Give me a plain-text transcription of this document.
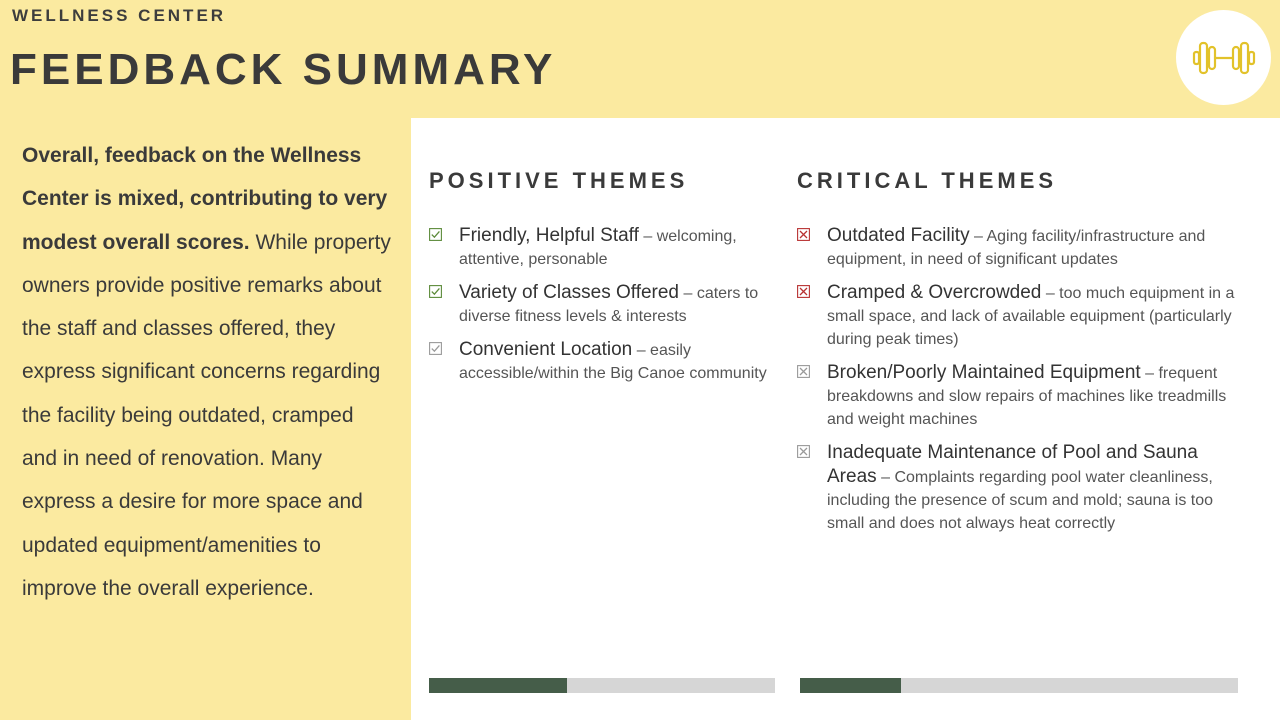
WELLNESS CENTER
FEEDBACK SUMMARY
Overall, feedback on the Wellness Center is mixed, contributing to very modest overall scores. While property owners provide positive remarks about the staff and classes offered, they express significant concerns regarding the facility being outdated, cramped and in need of renovation. Many express a desire for more space and updated equipment/amenities to improve the overall experience.
POSITIVE THEMES
Friendly, Helpful Staff – welcoming, attentive, personable
Variety of Classes Offered – caters to diverse fitness levels & interests
Convenient Location – easily accessible/within the Big Canoe community
CRITICAL THEMES
Outdated Facility – Aging facility/infrastructure and equipment, in need of significant updates
Cramped & Overcrowded – too much equipment in a small space, and lack of available equipment (particularly during peak times)
Broken/Poorly Maintained Equipment – frequent breakdowns and slow repairs of machines like treadmills and weight machines
Inadequate Maintenance of Pool and Sauna Areas – Complaints regarding pool water cleanliness, including the presence of scum and mold; sauna is too small and does not always heat correctly
